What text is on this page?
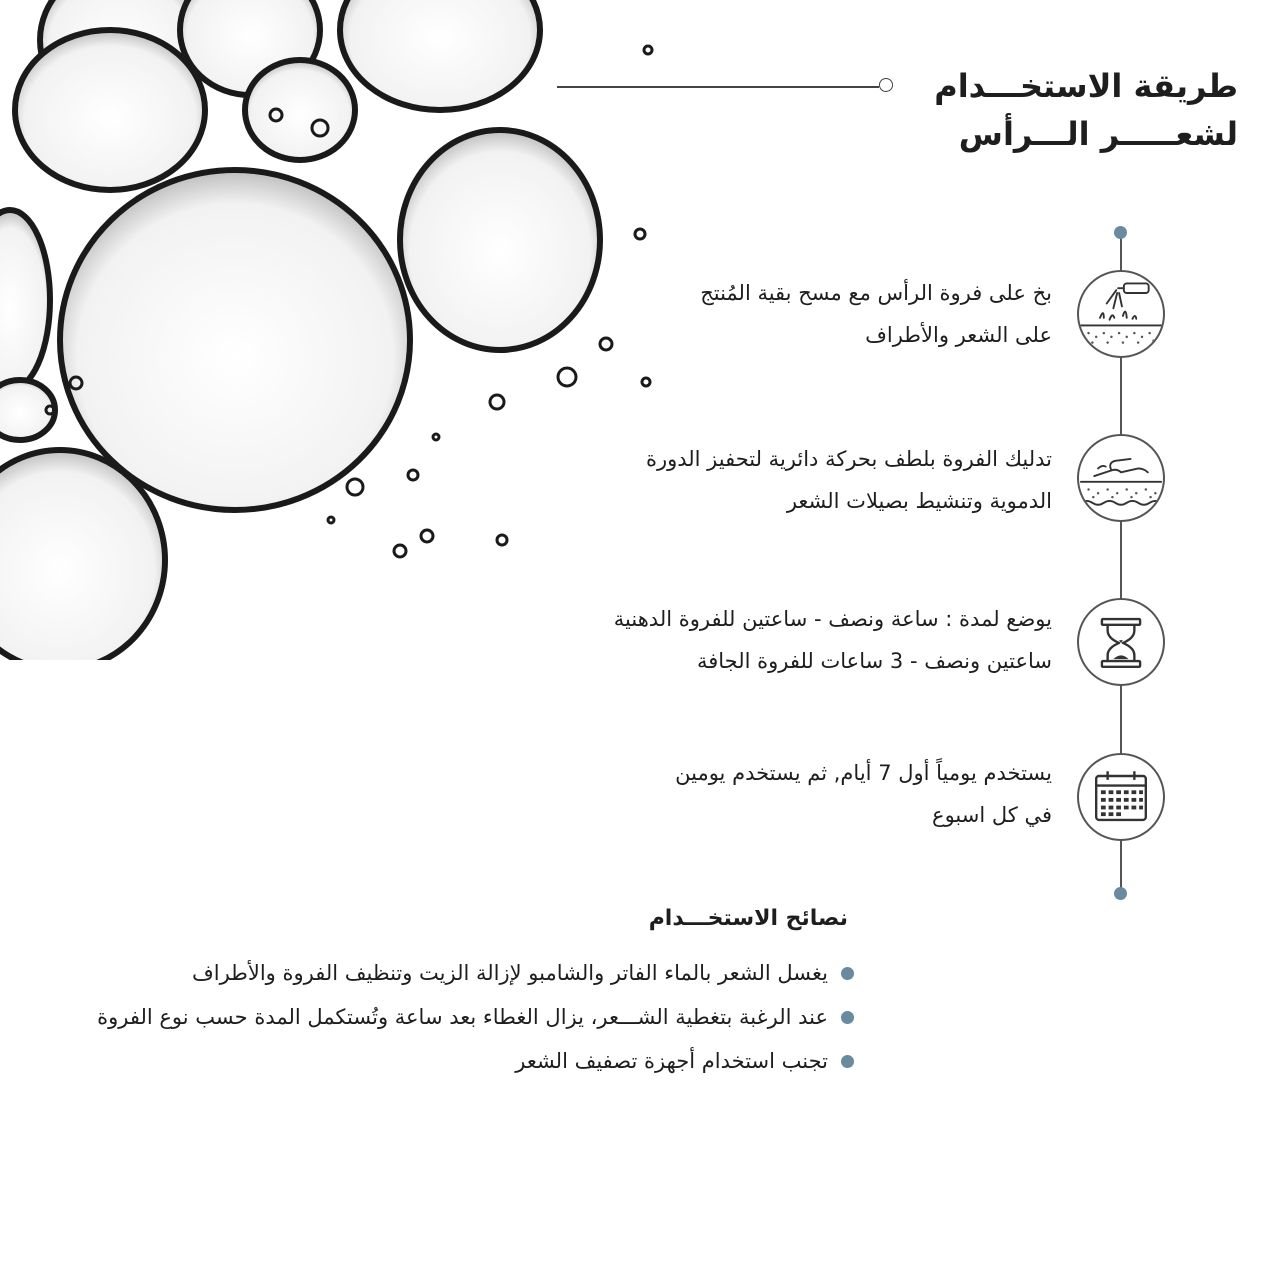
طريقة الاستخـــدام
لشعـــــر الـــرأس
بخ على فروة الرأس مع مسح بقية المُنتج
على الشعر والأطراف
تدليك الفروة بلطف بحركة دائرية لتحفيز الدورة
الدموية وتنشيط بصيلات الشعر
يوضع لمدة : ساعة ونصف - ساعتين للفروة الدهنية
ساعتين ونصف - 3 ساعات للفروة الجافة
يستخدم يومياً أول 7 أيام, ثم يستخدم يومين
في كل اسبوع
نصائح الاستخـــدام
يغسل الشعر بالماء الفاتر والشامبو لإزالة الزيت وتنظيف الفروة والأطراف
عند الرغبة بتغطية الشـــعر، يزال الغطاء بعد ساعة وتُستكمل المدة حسب نوع الفروة
تجنب استخدام أجهزة تصفيف الشعر
